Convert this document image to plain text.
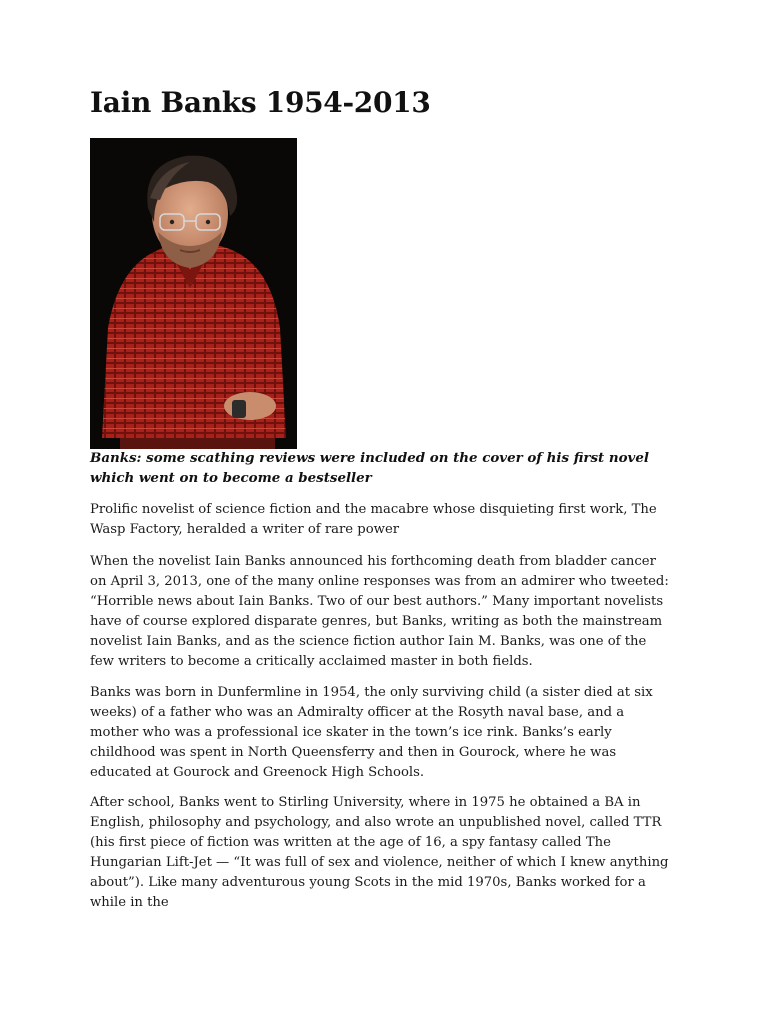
Iain Banks 1954-2013

Banks: some scathing reviews were included on the cover of his first novel which went on to become a bestseller

Prolific novelist of science fiction and the macabre whose disquieting first work, The Wasp Factory, heralded a writer of rare power

When the novelist Iain Banks announced his forthcoming death from bladder cancer on April 3, 2013, one of the many online responses was from an admirer who tweeted: “Horrible news about Iain Banks. Two of our best authors.” Many important novelists have of course explored disparate genres, but Banks, writing as both the mainstream novelist Iain Banks, and as the science fiction author Iain M. Banks, was one of the few writers to become a critically acclaimed master in both fields.

Banks was born in Dunfermline in 1954, the only surviving child (a sister died at six weeks) of a father who was an Admiralty officer at the Rosyth naval base, and a mother who was a professional ice skater in the town’s ice rink. Banks’s early childhood was spent in North Queensferry and then in Gourock, where he was educated at Gourock and Greenock High Schools.

After school, Banks went to Stirling University, where in 1975 he obtained a BA in English, philosophy and psychology, and also wrote an unpublished novel, called TTR (his first piece of fiction was written at the age of 16, a spy fantasy called The Hungarian Lift-Jet — “It was full of sex and violence, neither of which I knew anything about”). Like many adventurous young Scots in the mid 1970s, Banks worked for a while in the
